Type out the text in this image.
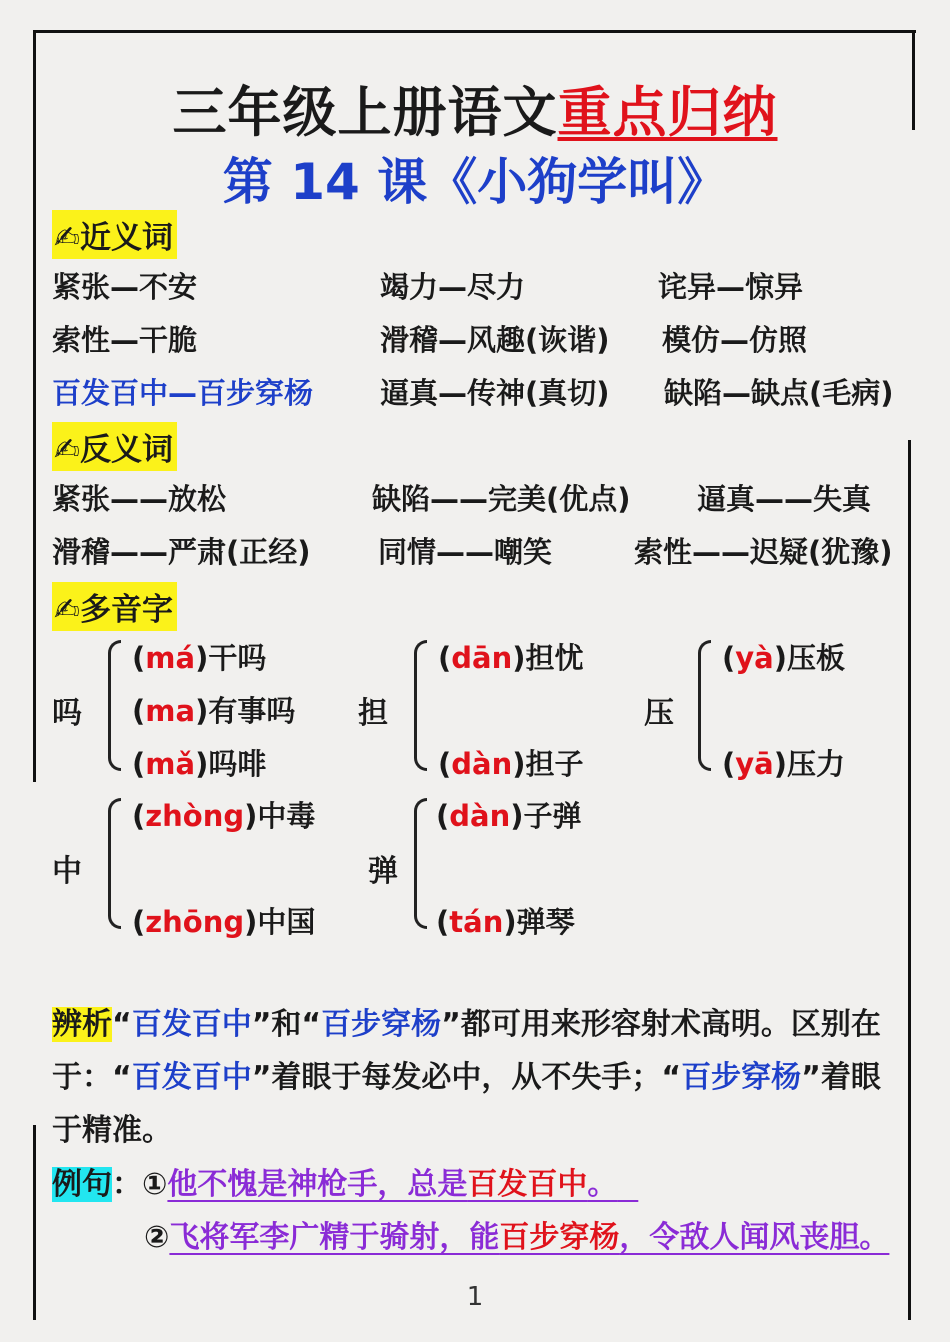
三年级上册语文重点归纳
第 14 课《小狗学叫》
✍近义词
紧张—不安	竭力—尽力	诧异—惊异
索性—干脆	滑稽—风趣(诙谐) 模仿—仿照
百发百中—百步穿杨 逼真—传神(真切) 缺陷—缺点(毛病)
✍反义词
紧张——放松	缺陷——完美(优点) 逼真——失真
滑稽——严肃(正经) 同情——嘲笑	索性——迟疑(犹豫)
✍多音字
吗
(má)干吗
(ma)有事吗
(mǎ)吗啡
担
(dān)担忧
(dàn)担子
压
(yà)压板
(yā)压力
中
(zhòng)中毒
(zhōng)中国
弹
(dàn)子弹
(tán)弹琴
辨析“百发百中”和“百步穿杨”都可用来形容射术高明。区别在于：“百发百中”着眼于每发必中，从不失手；“百步穿杨”着眼于精准。
例句：①他不愧是神枪手，总是百发百中。
②飞将军李广精于骑射，能百步穿杨，令敌人闻风丧胆。
1
